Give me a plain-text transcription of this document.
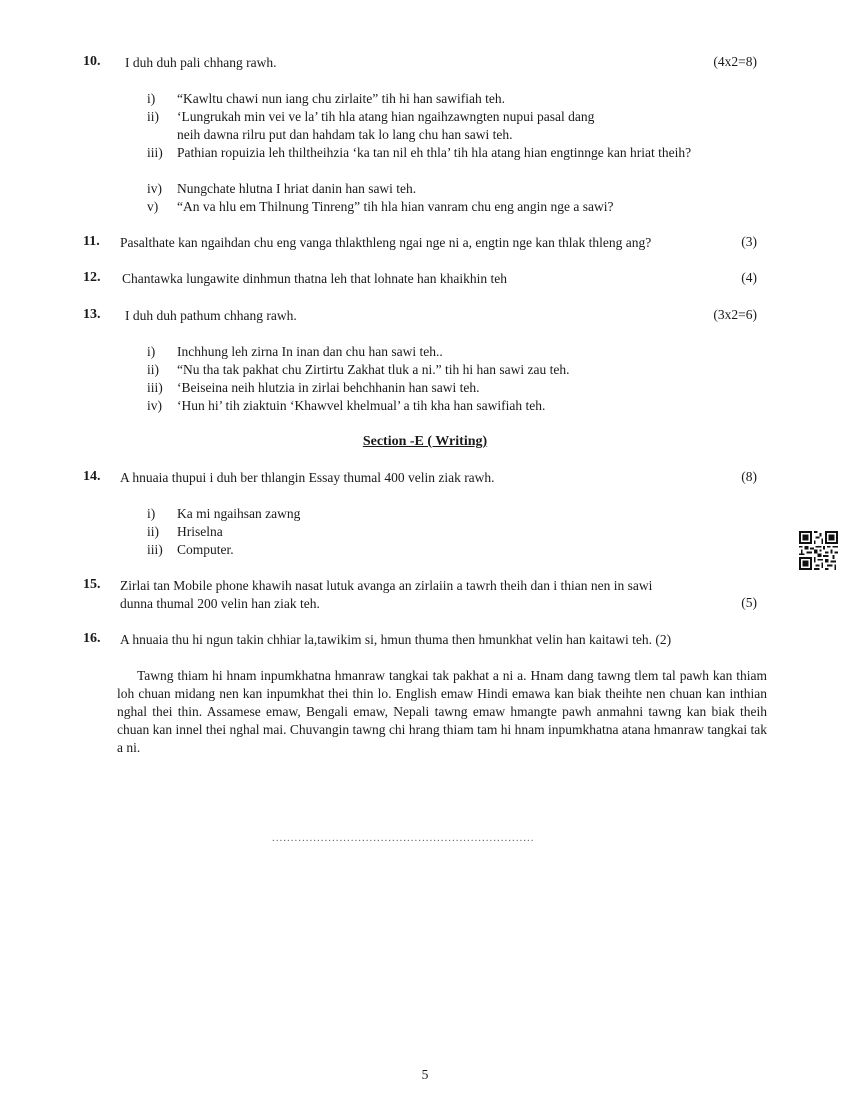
10. I duh duh pali chhang rawh.	(4x2=8)
i)	“Kawltu chawi nun iang chu zirlaite” tih hi han sawifiah teh.
ii)	‘Lungrukah min vei ve la’ tih hla atang hian ngaihzawngten nupui pasal dang
neih dawna rilru put dan hahdam tak lo lang chu han sawi teh.
iii)	Pathian ropuizia leh thiltheihzia ‘ka tan nil eh thla’ tih hla atang hian engtinnge kan hriat theih?
iv)	Nungchate hlutna I hriat danin han sawi teh.
v)	“An va hlu em Thilnung Tinreng” tih hla hian vanram chu eng angin nge a sawi?
11. Pasalthate kan ngaihdan chu eng vanga thlakthleng ngai nge ni a, engtin nge kan thlak thleng ang?	(3)
12. Chantawka lungawite dinhmun thatna leh that lohnate han khaikhin teh	(4)
13. I duh duh pathum chhang rawh.	(3x2=6)
i)	Inchhung leh zirna In inan dan chu han sawi teh..
ii)	“Nu tha tak pakhat chu Zirtirtu Zakhat tluk a ni.” tih hi han sawi zau teh.
iii)	‘Beiseina neih hlutzia in zirlai behchhanin han sawi teh.
iv)	‘Hun hi’ tih ziaktuin ‘Khawvel khelmual’ a tih kha han sawifiah teh.
Section -E ( Writing)
14. A hnuaia thupui i duh ber thlangin Essay thumal 400 velin ziak rawh.	(8)
i)	Ka mi ngaihsan zawng
ii)	Hriselna
iii)	Computer.
15. Zirlai tan Mobile phone khawih nasat lutuk avanga an zirlaiin a tawrh theih dan i thian nen in sawi
dunna thumal 200 velin han ziak teh.	(5)
16. A hnuaia thu hi ngun takin chhiar la,tawikim si, hmun thuma then hmunkhat velin han kaitawi teh. (2)
Tawng thiam hi hnam inpumkhatna hmanraw tangkai tak pakhat a ni a. Hnam dang tawng tlem tal pawh kan thiam loh chuan midang nen kan inpumkhat thei thin lo. English emaw Hindi emawa kan biak theihte nen chuan kan inthian nghal thei thin. Assamese emaw, Bengali emaw, Nepali tawng emaw hmangte pawh anmahni tawng kan biak theih chuan kan innel thei nghal mai. Chuvangin tawng chi hrang thiam tam hi hnam inpumkhatna atana hmanraw tangkai tak a ni.
......................................................................
5
